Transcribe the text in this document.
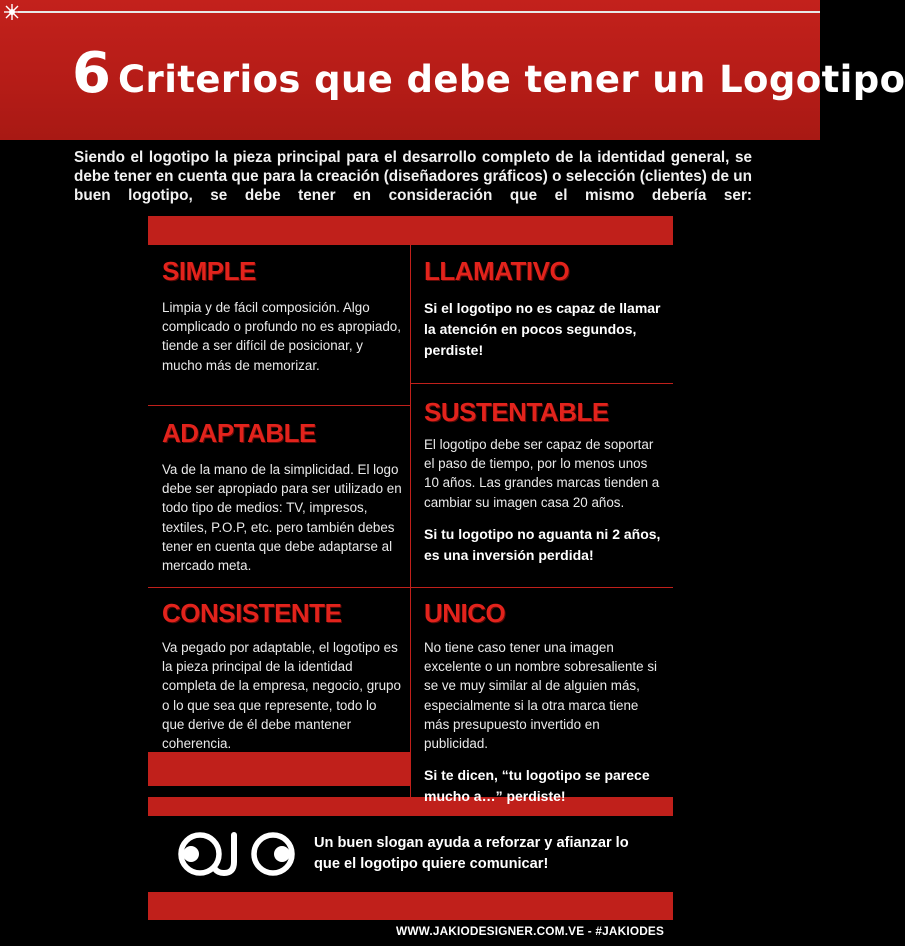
6 Criterios que debe tener un Logotipo
Siendo el logotipo la pieza principal para el desarrollo completo de la identidad general, se debe tener en cuenta que para la creación (diseñadores gráficos) o selección (clientes) de un buen logotipo, se debe tener en consideración que el mismo debería ser:
SIMPLE

Limpia y de fácil composición. Algo complicado o profundo no es apropiado, tiende a ser difícil de posicionar, y mucho más de memorizar.

LLAMATIVO

Si el logotipo no es capaz de llamar la atención en pocos segundos, perdiste!

ADAPTABLE

Va de la mano de la simplicidad. El logo debe ser apropiado para ser utilizado en todo tipo de medios: TV, impresos, textiles, P.O.P, etc. pero también debes tener en cuenta que debe adaptarse al mercado meta.

SUSTENTABLE

El logotipo debe ser capaz de soportar el paso de tiempo, por lo menos unos 10 años. Las grandes marcas tienden a cambiar su imagen casa 20 años.

Si tu logotipo no aguanta ni 2 años, es una inversión perdida!

CONSISTENTE

Va pegado por adaptable, el logotipo es la pieza principal de la identidad completa de la empresa, negocio, grupo o lo que sea que represente, todo lo que derive de él debe mantener coherencia.

UNICO

No tiene caso tener una imagen excelente o un nombre sobresaliente si se ve muy similar al de alguien más, especialmente si la otra marca tiene más presupuesto invertido en publicidad.

Si te dicen, “tu logotipo se parece mucho a…” perdiste!

Un buen slogan ayuda a reforzar y afianzar lo que el logotipo quiere comunicar!
WWW.JAKIODESIGNER.COM.VE - #JAKIODES
